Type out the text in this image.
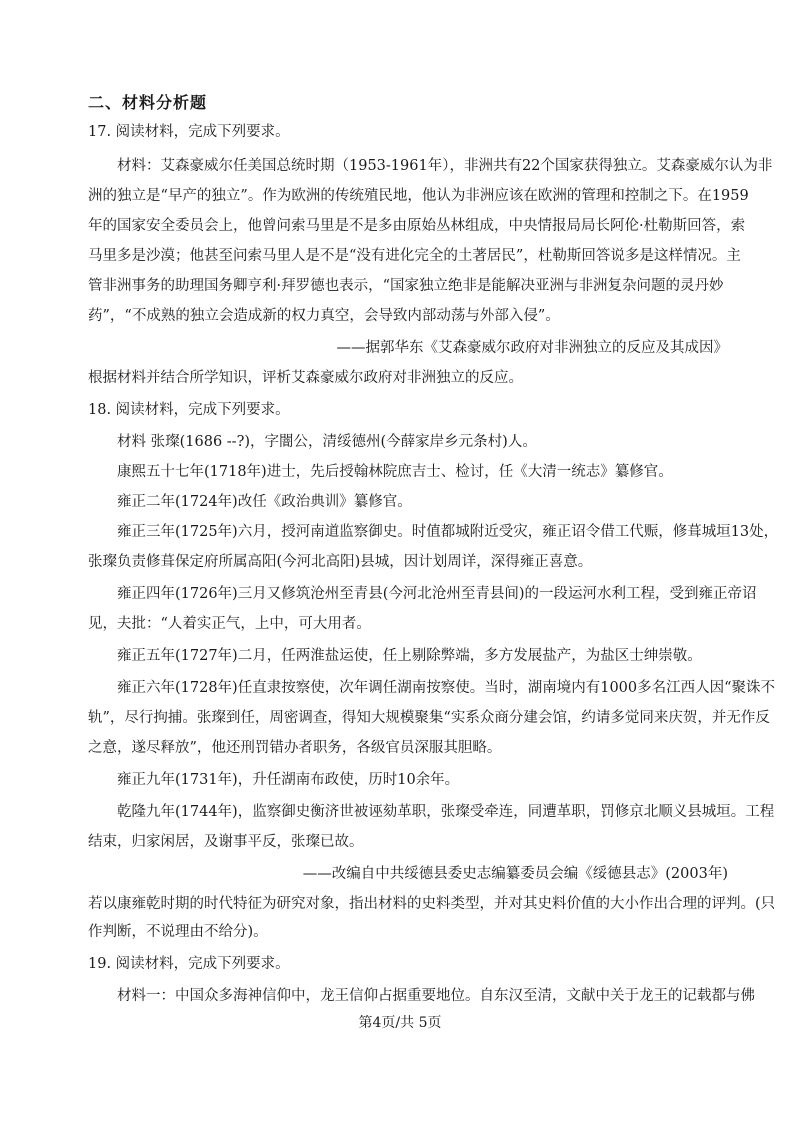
二、材料分析题
17. 阅读材料，完成下列要求。
材料：艾森豪威尔任美国总统时期（1953-1961年），非洲共有22个国家获得独立。艾森豪威尔认为非
洲的独立是“早产的独立”。作为欧洲的传统殖民地，他认为非洲应该在欧洲的管理和控制之下。在1959
年的国家安全委员会上，他曾问索马里是不是多由原始丛林组成，中央情报局局长阿伦·杜勒斯回答，索
马里多是沙漠；他甚至问索马里人是不是“没有进化完全的土著居民”，杜勒斯回答说多是这样情况。主
管非洲事务的助理国务卿亨利·拜罗德也表示，“国家独立绝非是能解决亚洲与非洲复杂问题的灵丹妙
药”，“不成熟的独立会造成新的权力真空，会导致内部动荡与外部入侵”。
——据郭华东《艾森豪威尔政府对非洲独立的反应及其成因》
根据材料并结合所学知识，评析艾森豪威尔政府对非洲独立的反应。
18. 阅读材料，完成下列要求。
材料 张璨(1686 --?)，字闇公，清绥德州(今薛家岸乡元条村)人。
康熙五十七年(1718年)进士，先后授翰林院庶吉士、检讨，任《大清一统志》纂修官。
雍正二年(1724年)改任《政治典训》纂修官。
雍正三年(1725年)六月，授河南道监察御史。时值都城附近受灾，雍正诏令借工代赈，修葺城垣13处，
张璨负责修葺保定府所属高阳(今河北高阳)县城，因计划周详，深得雍正喜意。
雍正四年(1726年)三月又修筑沧州至青县(今河北沧州至青县间)的一段运河水利工程，受到雍正帝诏
见，夫批：“人着实正气，上中，可大用者。
雍正五年(1727年)二月，任两淮盐运使，任上剔除弊端，多方发展盐产，为盐区士绅崇敬。
雍正六年(1728年)任直隶按察使，次年调任湖南按察使。当时，湖南境内有1000多名江西人因“聚诛不
轨”，尽行拘捕。张璨到任，周密调查，得知大规模聚集“实系众商分建会馆，约请多觉同来庆贺，并无作反
之意，遂尽释放”，他还刑罚错办者职务，各级官员深服其胆略。
雍正九年(1731年)，升任湖南布政使，历时10余年。
乾隆九年(1744年)，监察御史衡济世被诬劾革职，张璨受牵连，同遭革职，罚修京北顺义县城垣。工程
结束，归家闲居，及谢事平反，张璨已故。
——改编自中共绥德县委史志编纂委员会编《绥德县志》(2003年)
若以康雍乾时期的时代特征为研究对象，指出材料的史料类型，并对其史料价值的大小作出合理的评判。(只
作判断，不说理由不给分)。
19. 阅读材料，完成下列要求。
材料一：中国众多海神信仰中，龙王信仰占据重要地位。自东汉至清，文献中关于龙王的记载都与佛
第4页/共 5页
